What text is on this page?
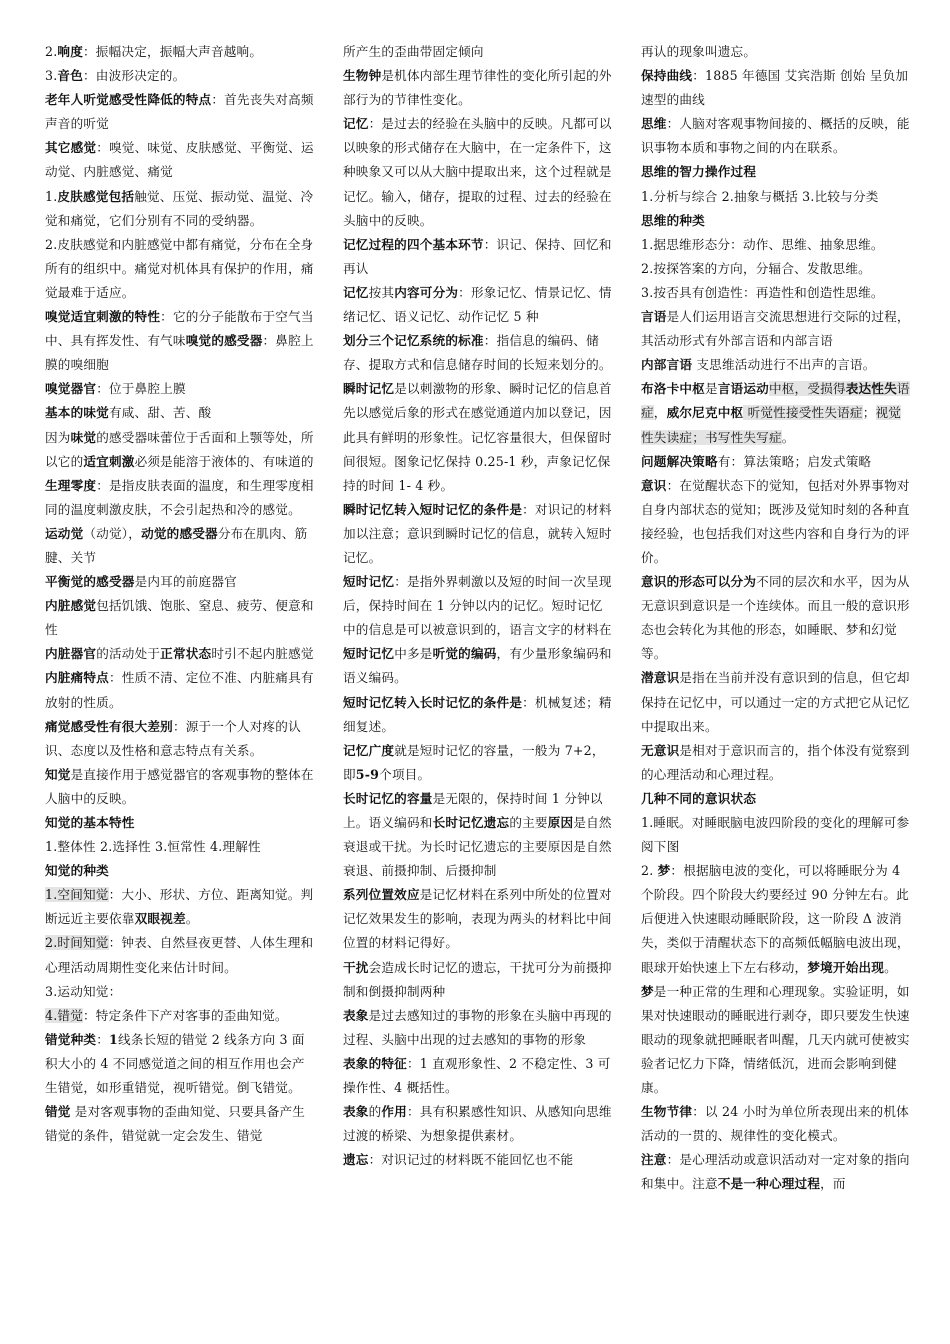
2.响度：振幅决定，振幅大声音越响。

3.音色：由波形决定的。

老年人听觉感受性降低的特点：首先丧失对高频声音的听觉

其它感觉：嗅觉、味觉、皮肤感觉、平衡觉、运动觉、内脏感觉、痛觉

1.皮肤感觉包括触觉、压觉、振动觉、温觉、冷觉和痛觉，它们分别有不同的受纳器。

2.皮肤感觉和内脏感觉中都有痛觉，分布在全身所有的组织中。痛觉对机体具有保护的作用，痛觉最难于适应。

嗅觉适宜刺激的特性：它的分子能散布于空气当中、具有挥发性、有气味嗅觉的感受器：鼻腔上膜的嗅细胞

嗅觉器官：位于鼻腔上膜

基本的味觉有咸、甜、苦、酸

因为味觉的感受器味蕾位于舌面和上颚等处，所以它的适宜刺激必须是能溶于液体的、有味道的

生理零度：是指皮肤表面的温度，和生理零度相同的温度刺激皮肤，不会引起热和冷的感觉。

运动觉（动觉），动觉的感受器分布在肌肉、筋腱、关节

平衡觉的感受器是内耳的前庭器官

内脏感觉包括饥饿、饱胀、窒息、疲劳、便意和性

内脏器官的活动处于正常状态时引不起内脏感觉

内脏痛特点：性质不清、定位不准、内脏痛具有放射的性质。

痛觉感受性有很大差别：源于一个人对疼的认识、态度以及性格和意志特点有关系。

知觉是直接作用于感觉器官的客观事物的整体在人脑中的反映。

知觉的基本特性

1.整体性 2.选择性 3.恒常性 4.理解性

知觉的种类

1.空间知觉：大小、形状、方位、距离知觉。判断远近主要依靠双眼视差。

2.时间知觉：钟表、自然昼夜更替、人体生理和心理活动周期性变化来估计时间。

3.运动知觉：

4.错觉：特定条件下产对客事的歪曲知觉。

错觉种类：1线条长短的错觉 2 线条方向 3 面积大小的 4 不同感觉道之间的相互作用也会产生错觉，如形重错觉，视听错觉。倒飞错觉。

错觉 是对客观事物的歪曲知觉、只要具备产生错觉的条件，错觉就一定会发生、错觉

所产生的歪曲带固定倾向

生物钟是机体内部生理节律性的变化所引起的外部行为的节律性变化。

记忆：是过去的经验在头脑中的反映。凡都可以以映象的形式储存在大脑中，在一定条件下，这种映象又可以从大脑中提取出来，这个过程就是记忆。输入，储存，提取的过程、过去的经验在头脑中的反映。

记忆过程的四个基本环节：识记、保持、回忆和再认

记忆按其内容可分为：形象记忆、情景记忆、情绪记忆、语义记忆、动作记忆 5 种

划分三个记忆系统的标准：指信息的编码、储存、提取方式和信息储存时间的长短来划分的。

瞬时记忆是以刺激物的形象、瞬时记忆的信息首先以感觉后象的形式在感觉通道内加以登记，因此具有鲜明的形象性。记忆容量很大，但保留时间很短。图象记忆保持 0.25-1 秒，声象记忆保持的时间 1- 4 秒。

瞬时记忆转入短时记忆的条件是：对识记的材料加以注意；意识到瞬时记忆的信息，就转入短时记忆。

短时记忆：是指外界刺激以及短的时间一次呈现后，保持时间在 1 分钟以内的记忆。短时记忆中的信息是可以被意识到的，语言文字的材料在短时记忆中多是听觉的编码，有少量形象编码和语义编码。

短时记忆转入长时记忆的条件是：机械复述；精细复述。

记忆广度就是短时记忆的容量，一般为 7+2，即5-9个项目。

长时记忆的容量是无限的，保持时间 1 分钟以上。语义编码和长时记忆遗忘的主要原因是自然衰退或干扰。为长时记忆遗忘的主要原因是自然衰退、前摄抑制、后摄抑制

系列位置效应是记忆材料在系列中所处的位置对记忆效果发生的影响，表现为两头的材料比中间位置的材料记得好。

干扰会造成长时记忆的遗忘，干扰可分为前摄抑制和倒摄抑制两种

表象是过去感知过的事物的形象在头脑中再现的过程、头脑中出现的过去感知的事物的形象

表象的特征：1 直观形象性、2 不稳定性、3 可操作性、4 概括性。

表象的作用：具有积累感性知识、从感知向思维过渡的桥梁、为想象提供素材。

遗忘：对识记过的材料既不能回忆也不能

再认的现象叫遗忘。

保持曲线：1885 年德国 艾宾浩斯 创始 呈负加速型的曲线

思维：人脑对客观事物间接的、概括的反映，能识事物本质和事物之间的内在联系。

思维的智力操作过程

1.分析与综合 2.抽象与概括 3.比较与分类

思维的种类

1.据思维形态分：动作、思维、抽象思维。

2.按探答案的方向，分辐合、发散思维。

3.按否具有创造性：再造性和创造性思维。

言语是人们运用语言交流思想进行交际的过程，其活动形式有外部言语和内部言语

内部言语 支思维活动进行不出声的言语。

布洛卡中枢是言语运动中枢，受损得表达性失语症，威尔尼克中枢 听觉性接受性失语症；视觉性失读症；书写性失写症。

问题解决策略有：算法策略；启发式策略

意识：在觉醒状态下的觉知，包括对外界事物对自身内部状态的觉知；既涉及觉知时刻的各种直接经验，也包括我们对这些内容和自身行为的评价。

意识的形态可以分为不同的层次和水平，因为从无意识到意识是一个连续体。而且一般的意识形态也会转化为其他的形态，如睡眠、梦和幻觉等。

潜意识是指在当前并没有意识到的信息，但它却保持在记忆中，可以通过一定的方式把它从记忆中提取出来。

无意识是相对于意识而言的，指个体没有觉察到的心理活动和心理过程。

几种不同的意识状态

1.睡眠。对睡眠脑电波四阶段的变化的理解可参阅下图

2. 梦：根据脑电波的变化，可以将睡眠分为 4 个阶段。四个阶段大约要经过 90 分钟左右。此后便进入快速眼动睡眠阶段，这一阶段 Δ 波消失，类似于清醒状态下的高频低幅脑电波出现，眼球开始快速上下左右移动，梦境开始出现。

梦是一种正常的生理和心理现象。实验证明，如果对快速眼动的睡眠进行剥夺，即只要发生快速眼动的现象就把睡眠者叫醒，几天内就可使被实验者记忆力下降，情绪低沉，进而会影响到健康。

生物节律：以 24 小时为单位所表现出来的机体活动的一贯的、规律性的变化模式。

注意：是心理活动或意识活动对一定对象的指向和集中。注意不是一种心理过程，而
